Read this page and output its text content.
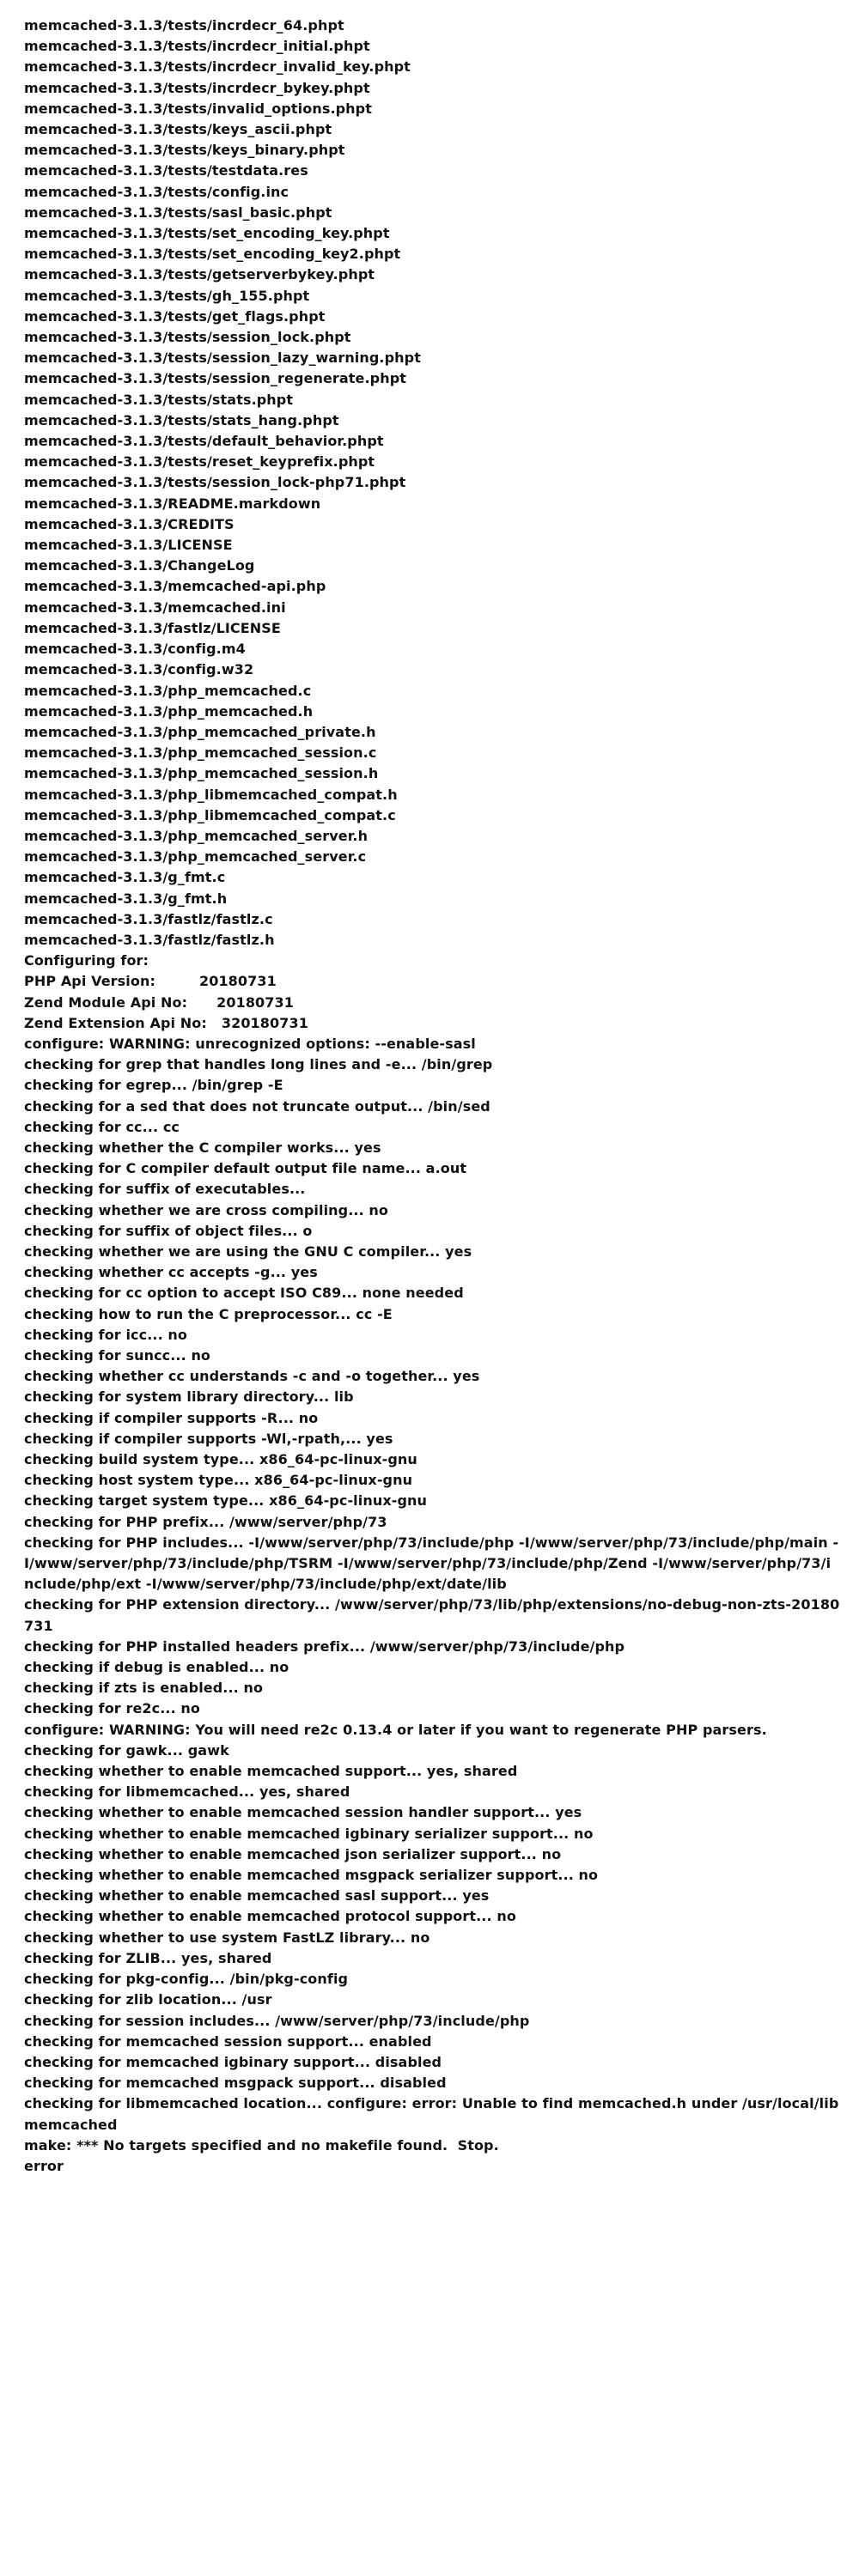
memcached-3.1.3/tests/incrdecr_64.phpt
memcached-3.1.3/tests/incrdecr_initial.phpt
memcached-3.1.3/tests/incrdecr_invalid_key.phpt
memcached-3.1.3/tests/incrdecr_bykey.phpt
memcached-3.1.3/tests/invalid_options.phpt
memcached-3.1.3/tests/keys_ascii.phpt
memcached-3.1.3/tests/keys_binary.phpt
memcached-3.1.3/tests/testdata.res
memcached-3.1.3/tests/config.inc
memcached-3.1.3/tests/sasl_basic.phpt
memcached-3.1.3/tests/set_encoding_key.phpt
memcached-3.1.3/tests/set_encoding_key2.phpt
memcached-3.1.3/tests/getserverbykey.phpt
memcached-3.1.3/tests/gh_155.phpt
memcached-3.1.3/tests/get_flags.phpt
memcached-3.1.3/tests/session_lock.phpt
memcached-3.1.3/tests/session_lazy_warning.phpt
memcached-3.1.3/tests/session_regenerate.phpt
memcached-3.1.3/tests/stats.phpt
memcached-3.1.3/tests/stats_hang.phpt
memcached-3.1.3/tests/default_behavior.phpt
memcached-3.1.3/tests/reset_keyprefix.phpt
memcached-3.1.3/tests/session_lock-php71.phpt
memcached-3.1.3/README.markdown
memcached-3.1.3/CREDITS
memcached-3.1.3/LICENSE
memcached-3.1.3/ChangeLog
memcached-3.1.3/memcached-api.php
memcached-3.1.3/memcached.ini
memcached-3.1.3/fastlz/LICENSE
memcached-3.1.3/config.m4
memcached-3.1.3/config.w32
memcached-3.1.3/php_memcached.c
memcached-3.1.3/php_memcached.h
memcached-3.1.3/php_memcached_private.h
memcached-3.1.3/php_memcached_session.c
memcached-3.1.3/php_memcached_session.h
memcached-3.1.3/php_libmemcached_compat.h
memcached-3.1.3/php_libmemcached_compat.c
memcached-3.1.3/php_memcached_server.h
memcached-3.1.3/php_memcached_server.c
memcached-3.1.3/g_fmt.c
memcached-3.1.3/g_fmt.h
memcached-3.1.3/fastlz/fastlz.c
memcached-3.1.3/fastlz/fastlz.h
Configuring for:
PHP Api Version:         20180731
Zend Module Api No:      20180731
Zend Extension Api No:   320180731
configure: WARNING: unrecognized options: --enable-sasl
checking for grep that handles long lines and -e... /bin/grep
checking for egrep... /bin/grep -E
checking for a sed that does not truncate output... /bin/sed
checking for cc... cc
checking whether the C compiler works... yes
checking for C compiler default output file name... a.out
checking for suffix of executables...
checking whether we are cross compiling... no
checking for suffix of object files... o
checking whether we are using the GNU C compiler... yes
checking whether cc accepts -g... yes
checking for cc option to accept ISO C89... none needed
checking how to run the C preprocessor... cc -E
checking for icc... no
checking for suncc... no
checking whether cc understands -c and -o together... yes
checking for system library directory... lib
checking if compiler supports -R... no
checking if compiler supports -Wl,-rpath,... yes
checking build system type... x86_64-pc-linux-gnu
checking host system type... x86_64-pc-linux-gnu
checking target system type... x86_64-pc-linux-gnu
checking for PHP prefix... /www/server/php/73
checking for PHP includes... -I/www/server/php/73/include/php -I/www/server/php/73/include/php/main -I/www/server/php/73/include/php/TSRM -I/www/server/php/73/include/php/Zend -I/www/server/php/73/include/php/ext -I/www/server/php/73/include/php/ext/date/lib
checking for PHP extension directory... /www/server/php/73/lib/php/extensions/no-debug-non-zts-20180731
checking for PHP installed headers prefix... /www/server/php/73/include/php
checking if debug is enabled... no
checking if zts is enabled... no
checking for re2c... no
configure: WARNING: You will need re2c 0.13.4 or later if you want to regenerate PHP parsers.
checking for gawk... gawk
checking whether to enable memcached support... yes, shared
checking for libmemcached... yes, shared
checking whether to enable memcached session handler support... yes
checking whether to enable memcached igbinary serializer support... no
checking whether to enable memcached json serializer support... no
checking whether to enable memcached msgpack serializer support... no
checking whether to enable memcached sasl support... yes
checking whether to enable memcached protocol support... no
checking whether to use system FastLZ library... no
checking for ZLIB... yes, shared
checking for pkg-config... /bin/pkg-config
checking for zlib location... /usr
checking for session includes... /www/server/php/73/include/php
checking for memcached session support... enabled
checking for memcached igbinary support... disabled
checking for memcached msgpack support... disabled
checking for libmemcached location... configure: error: Unable to find memcached.h under /usr/local/libmemcached
make: *** No targets specified and no makefile found.  Stop.
error
